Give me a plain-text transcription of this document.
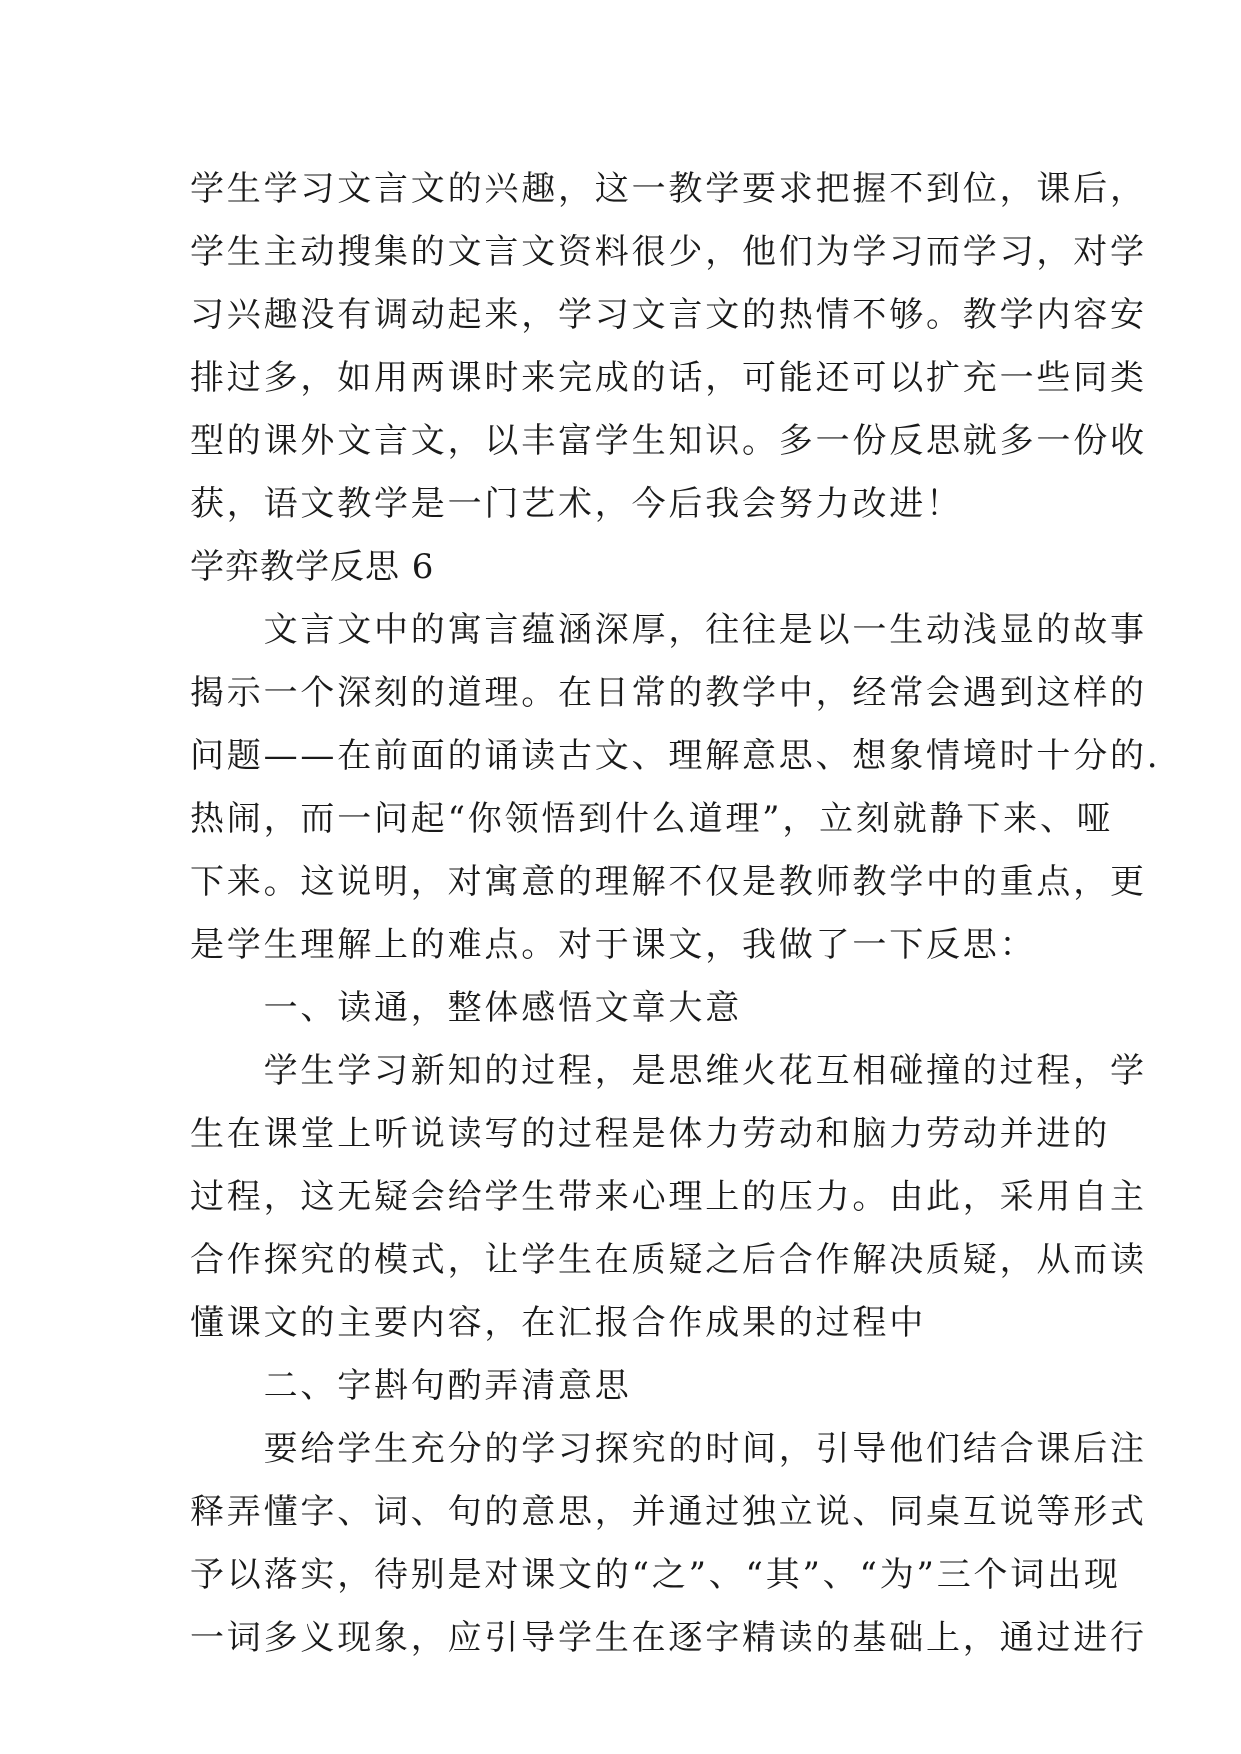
学生学习文言文的兴趣，这一教学要求把握不到位，课后，

学生主动搜集的文言文资料很少，他们为学习而学习，对学

习兴趣没有调动起来，学习文言文的热情不够。教学内容安

排过多，如用两课时来完成的话，可能还可以扩充一些同类

型的课外文言文，以丰富学生知识。多一份反思就多一份收

获，语文教学是一门艺术，今后我会努力改进！

学弈教学反思 6

　　文言文中的寓言蕴涵深厚，往往是以一生动浅显的故事

揭示一个深刻的道理。在日常的教学中，经常会遇到这样的

问题——在前面的诵读古文、理解意思、想象情境时十分的.

热闹，而一问起“你领悟到什么道理”，立刻就静下来、哑

下来。这说明，对寓意的理解不仅是教师教学中的重点，更

是学生理解上的难点。对于课文，我做了一下反思：

　　一、读通，整体感悟文章大意

　　学生学习新知的过程，是思维火花互相碰撞的过程，学

生在课堂上听说读写的过程是体力劳动和脑力劳动并进的

过程，这无疑会给学生带来心理上的压力。由此，采用自主

合作探究的模式，让学生在质疑之后合作解决质疑，从而读

懂课文的主要内容，在汇报合作成果的过程中

　　二、字斟句酌弄清意思

　　要给学生充分的学习探究的时间，引导他们结合课后注

释弄懂字、词、句的意思，并通过独立说、同桌互说等形式

予以落实，待别是对课文的“之”、“其”、“为”三个词出现

一词多义现象，应引导学生在逐字精读的基础上，通过进行
